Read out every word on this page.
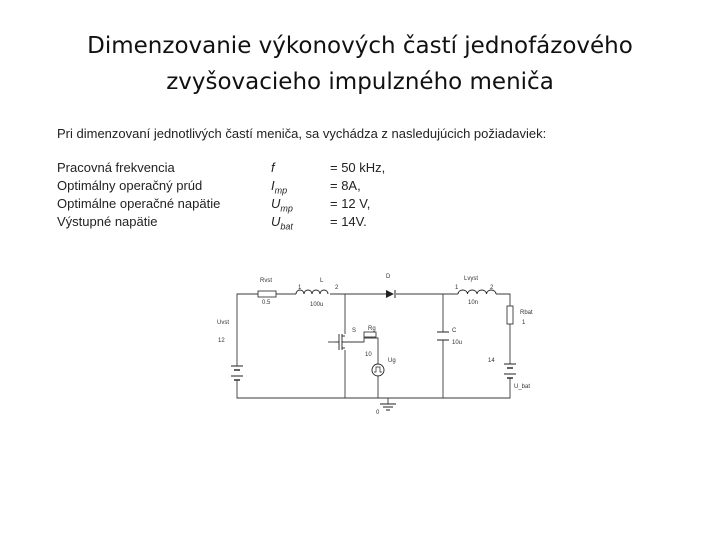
Dimenzovanie výkonových častí jednofázového
zvyšovacieho impulzného meniča
Pri dimenzovaní jednotlivých častí meniča, sa vychádza z nasledujúcich požiadaviek:
Pracovná frekvencia	f	= 50 kHz,
Optimálny operačný prúd	$I_{mp}$	= 8A,
Optimálne operačné napätie	$U_{mp}$	= 12 V,
Výstupné napätie	$U_{bat}$	= 14V.
Rvst
0.5
1
L
2
100u
D	Lvyst
1	2
10n
Rbat
1
Uvst
12
S Rg
10
Ug
C
10u
14
U_bat
0
